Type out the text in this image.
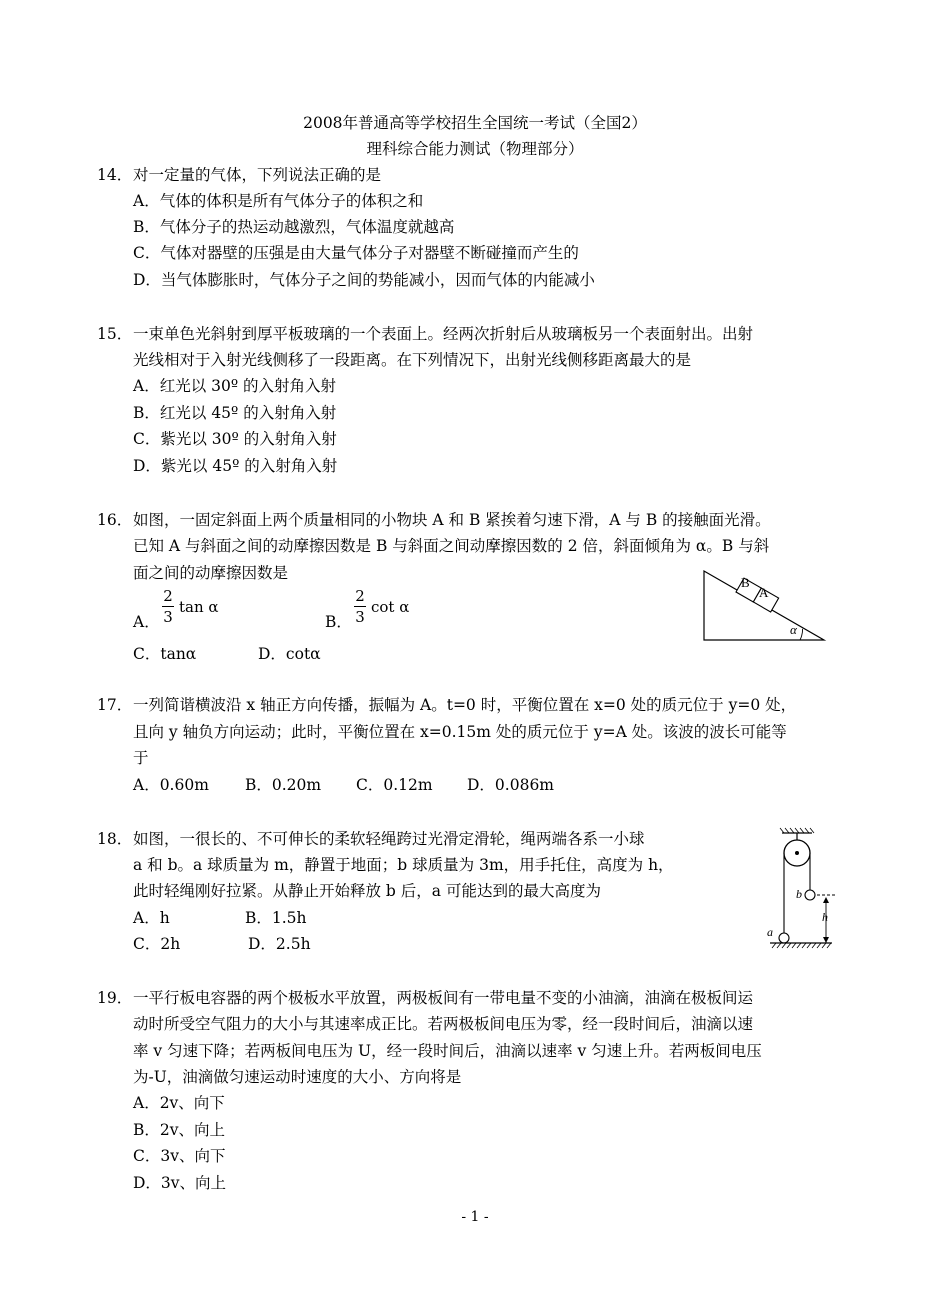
2008年普通高等学校招生全国统一考试（全国2）
理科综合能力测试（物理部分）
14． 对一定量的气体，下列说法正确的是
A．气体的体积是所有气体分子的体积之和
B．气体分子的热运动越激烈，气体温度就越高
C．气体对器壁的压强是由大量气体分子对器壁不断碰撞而产生的
D．当气体膨胀时，气体分子之间的势能减小，因而气体的内能减小
15． 一束单色光斜射到厚平板玻璃的一个表面上。经两次折射后从玻璃板另一个表面射出。出射
光线相对于入射光线侧移了一段距离。在下列情况下，出射光线侧移距离最大的是
A．红光以 30º 的入射角入射
B．红光以 45º 的入射角入射
C．紫光以 30º 的入射角入射
D．紫光以 45º 的入射角入射
16． 如图，一固定斜面上两个质量相同的小物块 A 和 B 紧挨着匀速下滑，A 与 B 的接触面光滑。
已知 A 与斜面之间的动摩擦因数是 B 与斜面之间动摩擦因数的 2 倍，斜面倾角为 α。B 与斜
面之间的动摩擦因数是
A．
2
3
tan α
B．
2
3
cot α
C．tanα	D．cotα
B
A
α
17． 一列简谐横波沿 x 轴正方向传播，振幅为 A。t=0 时，平衡位置在 x=0 处的质元位于 y=0 处，
且向 y 轴负方向运动；此时，平衡位置在 x=0.15m 处的质元位于 y=A 处。该波的波长可能等
于
A．0.60m B．0.20m C．0.12m D．0.086m
18． 如图，一很长的、不可伸长的柔软轻绳跨过光滑定滑轮，绳两端各系一小球
a 和 b。a 球质量为 m，静置于地面；b 球质量为 3m，用手托住，高度为 h，
此时轻绳刚好拉紧。从静止开始释放 b 后，a 可能达到的最大高度为
A．h	B．1.5h
C．2h	D．2.5h
b
a
h
19． 一平行板电容器的两个极板水平放置，两极板间有一带电量不变的小油滴，油滴在极板间运
动时所受空气阻力的大小与其速率成正比。若两极板间电压为零，经一段时间后，油滴以速
率 v 匀速下降；若两板间电压为 U，经一段时间后，油滴以速率 v 匀速上升。若两板间电压
为-U，油滴做匀速运动时速度的大小、方向将是
A．2v、向下
B．2v、向上
C．3v、向下
D．3v、向上
- 1 -
